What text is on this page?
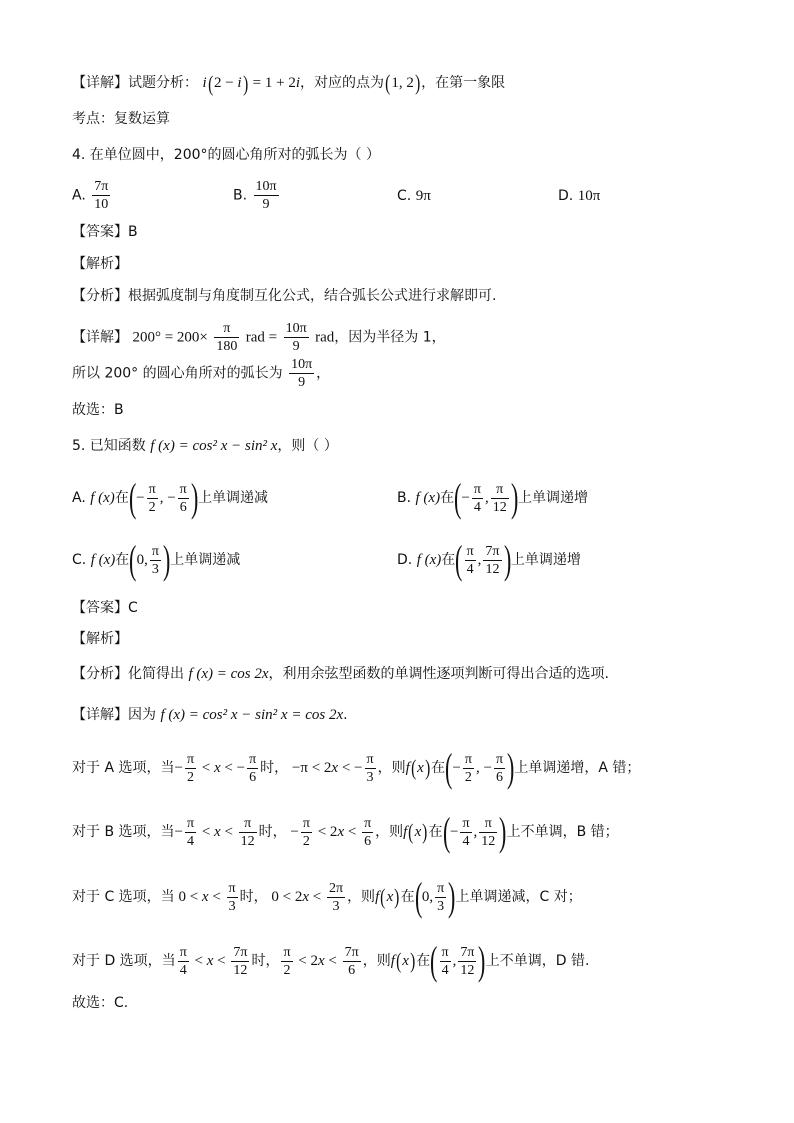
【详解】试题分析： i(2 − i) = 1 + 2i，对应的点为(1, 2)，在第一象限
考点：复数运算
4. 在单位圆中，200°的圆心角所对的弧长为（ ）
A. $\frac{7\pi}{10}$	B. $\frac{10\pi}{9}$	C. 9π	D. 10π
【答案】B
【解析】
【分析】根据弧度制与角度制互化公式，结合弧长公式进行求解即可.
【详解】 $200^\circ = 200\times \frac{\pi}{180}$ rad = $\frac{10\pi}{9}$ rad，因为半径为 1，
所以 200° 的圆心角所对的弧长为 $\frac{10\pi}{9}$ ，
故选：B
5. 已知函数 f (x) = cos² x − sin² x，则（ ）
A. f (x)在(− $\frac{\pi}{2}$ , − $\frac{\pi}{6}$ )上单调递减	B. f (x)在(− $\frac{\pi}{4}$ , $\frac{\pi}{12}$ )上单调递增
C. f (x)在(0, $\frac{\pi}{3}$ )上单调递减	D. f (x)在( $\frac{\pi}{4}$ , $\frac{7\pi}{12}$ )上单调递增
【答案】C
【解析】
【分析】化简得出 f (x) = cos 2x，利用余弦型函数的单调性逐项判断可得出合适的选项.
【详解】因为 f (x) = cos² x − sin² x = cos 2x.
对于 A 选项，当− $\frac{\pi}{2} < x$ < − $\frac{\pi}{6}$ 时， −π < 2x < − $\frac{\pi}{3}$ ，则f(x)在(− $\frac{\pi}{2}$ , − $\frac{\pi}{6}$ )上单调递增，A 错；
对于 B 选项，当− $\frac{\pi}{4} < x < \frac{\pi}{12}$ 时， − $\frac{\pi}{2} < 2x < \frac{\pi}{6}$ ，则f(x)在(− $\frac{\pi}{4}$ , $\frac{\pi}{12}$ )上不单调，B 错；
对于 C 选项，当 $0 < x < \frac{\pi}{3}$ 时， $0 < 2x < \frac{2\pi}{3}$ ，则f(x)在(0, $\frac{\pi}{3}$ )上单调递减，C 对；
对于 D 选项，当 $\frac{\pi}{4} < x < \frac{7\pi}{12}$ 时， $\frac{\pi}{2} < 2x < \frac{7\pi}{6}$ ，则f(x)在( $\frac{\pi}{4}$ , $\frac{7\pi}{12}$ )上不单调，D 错.
故选：C.
